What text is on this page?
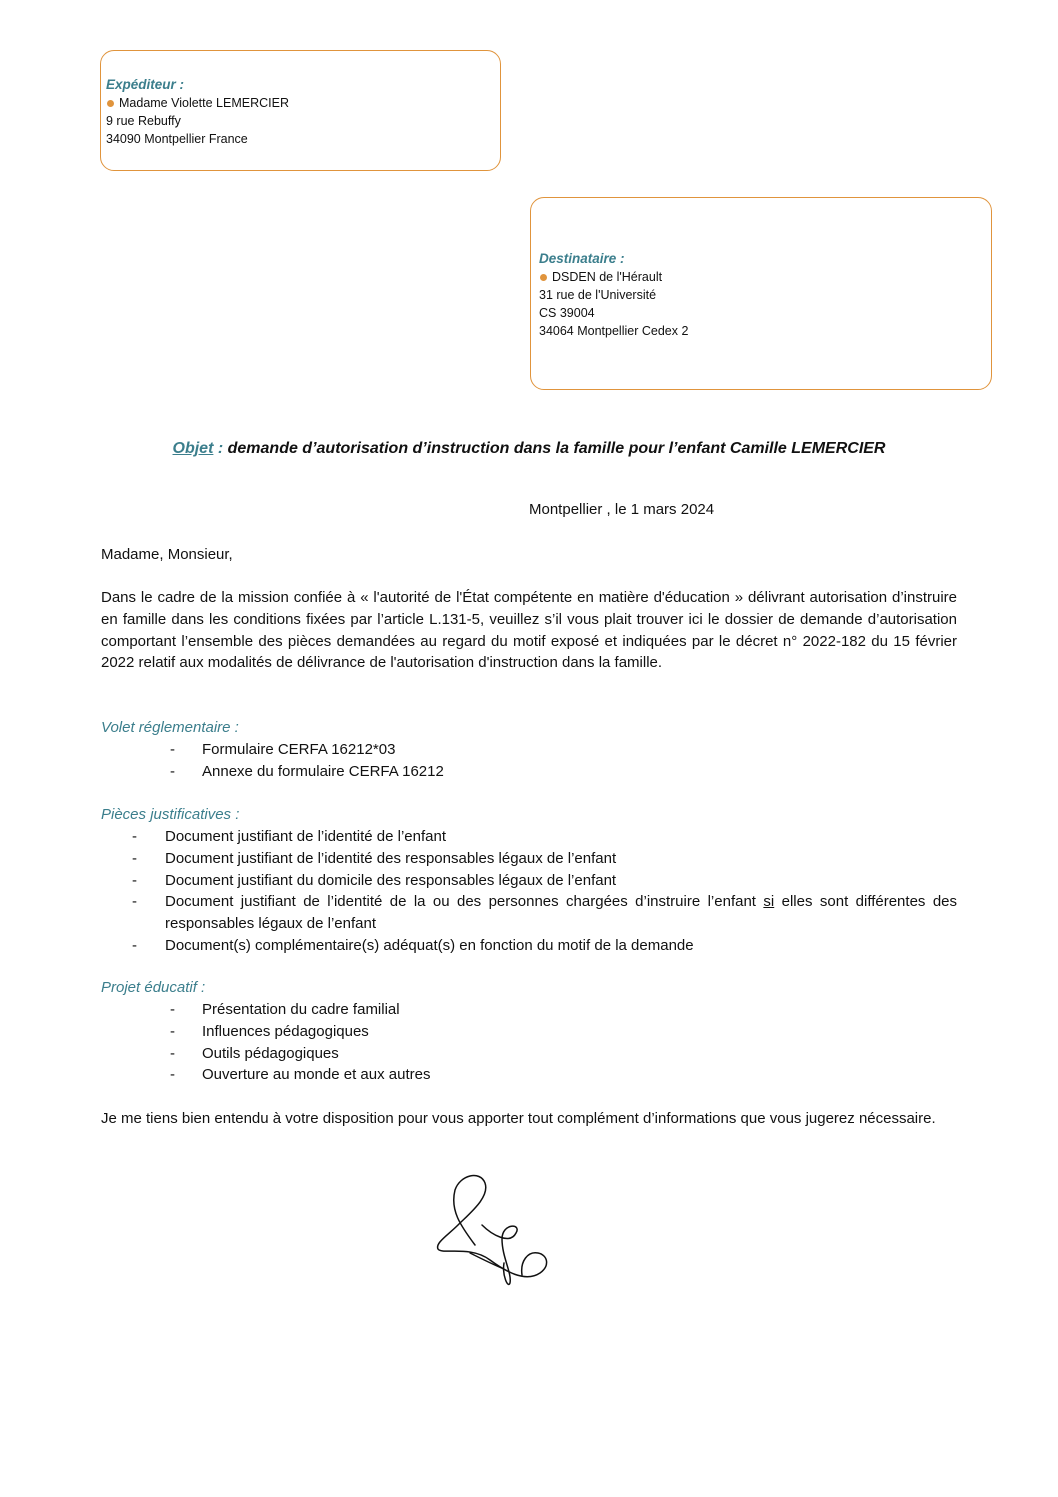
Expéditeur :
Madame Violette LEMERCIER
9 rue Rebuffy
34090 Montpellier France
Destinataire :
DSDEN de l'Hérault
31 rue de l'Université
CS 39004
34064 Montpellier Cedex 2
Objet : demande d’autorisation d’instruction dans la famille pour l’enfant Camille LEMERCIER
Montpellier , le 1 mars 2024
Madame, Monsieur,
Dans le cadre de la mission confiée à « l'autorité de l'État compétente en matière d'éducation » délivrant autorisation d’instruire en famille dans les conditions fixées par l’article L.131-5, veuillez s’il vous plait trouver ici le dossier de demande d’autorisation comportant l’ensemble des pièces demandées au regard du motif exposé et indiquées par le décret n° 2022-182 du 15 février 2022 relatif aux modalités de délivrance de l'autorisation d'instruction dans la famille.
Volet réglementaire :
- Formulaire CERFA 16212*03
- Annexe du formulaire CERFA 16212
Pièces justificatives :
- Document justifiant de l’identité de l’enfant
- Document justifiant de l’identité des responsables légaux de l’enfant
- Document justifiant du domicile des responsables légaux de l’enfant
- Document justifiant de l’identité de la ou des personnes chargées d’instruire l’enfant si elles sont différentes des responsables légaux de l’enfant
- Document(s) complémentaire(s) adéquat(s) en fonction du motif de la demande
Projet éducatif :
- Présentation du cadre familial
- Influences pédagogiques
- Outils pédagogiques
- Ouverture au monde et aux autres
Je me tiens bien entendu à votre disposition pour vous apporter tout complément d’informations que vous jugerez nécessaire.
